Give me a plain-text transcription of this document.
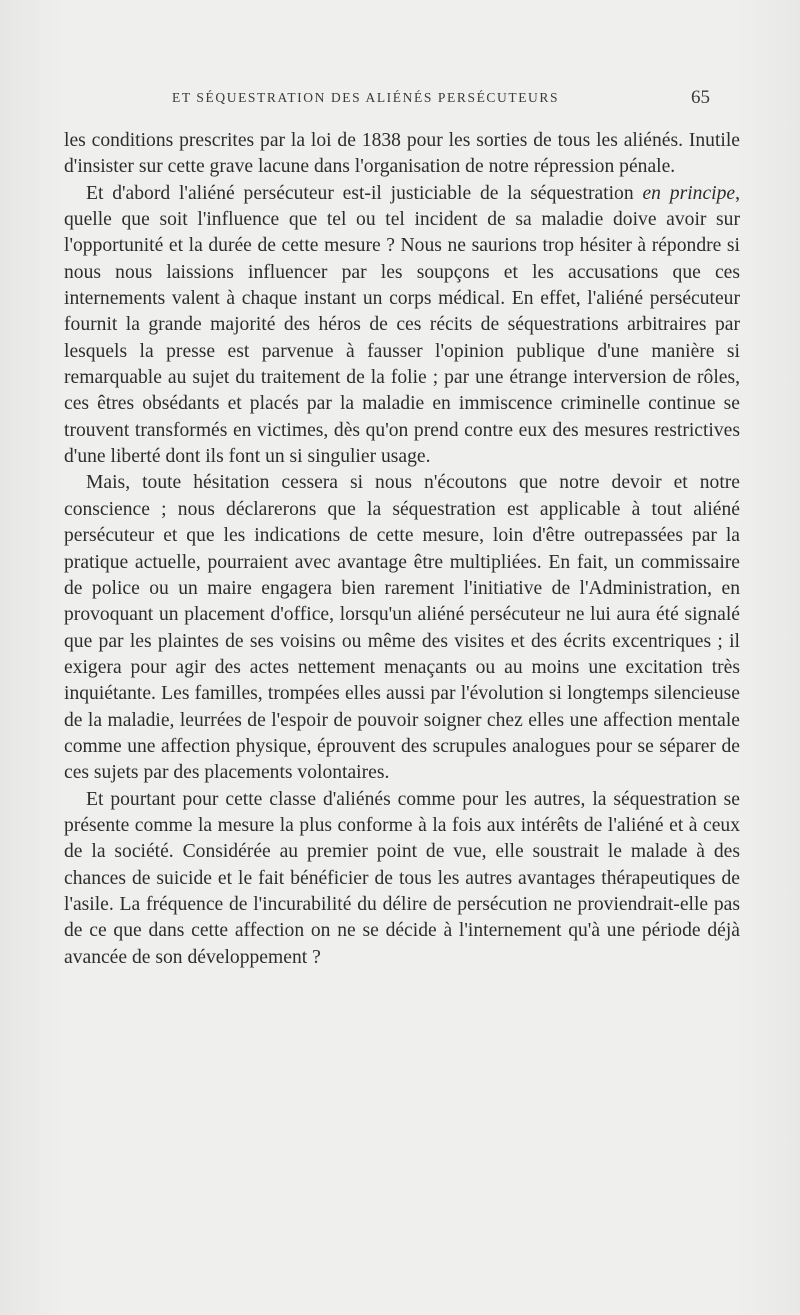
ET SÉQUESTRATION DES ALIÉNÉS PERSÉCUTEURS	65

les conditions prescrites par la loi de 1838 pour les sorties de tous les aliénés. Inutile d'insister sur cette grave lacune dans l'organisation de notre répression pénale.

Et d'abord l'aliéné persécuteur est-il justiciable de la séquestration en principe, quelle que soit l'influence que tel ou tel incident de sa maladie doive avoir sur l'opportunité et la durée de cette mesure ? Nous ne saurions trop hésiter à répondre si nous nous laissions influencer par les soupçons et les accusations que ces internements valent à chaque instant un corps médical. En effet, l'aliéné persécuteur fournit la grande majorité des héros de ces récits de séquestrations arbitraires par lesquels la presse est parvenue à fausser l'opinion publique d'une manière si remarquable au sujet du traitement de la folie ; par une étrange interversion de rôles, ces êtres obsédants et placés par la maladie en immiscence criminelle continue se trouvent transformés en victimes, dès qu'on prend contre eux des mesures restrictives d'une liberté dont ils font un si singulier usage.

Mais, toute hésitation cessera si nous n'écoutons que notre devoir et notre conscience ; nous déclarerons que la séquestration est applicable à tout aliéné persécuteur et que les indications de cette mesure, loin d'être outrepassées par la pratique actuelle, pourraient avec avantage être multipliées. En fait, un commissaire de police ou un maire engagera bien rarement l'initiative de l'Administration, en provoquant un placement d'office, lorsqu'un aliéné persécuteur ne lui aura été signalé que par les plaintes de ses voisins ou même des visites et des écrits excentriques ; il exigera pour agir des actes nettement menaçants ou au moins une excitation très inquiétante. Les familles, trompées elles aussi par l'évolution si longtemps silencieuse de la maladie, leurrées de l'espoir de pouvoir soigner chez elles une affection mentale comme une affection physique, éprouvent des scrupules analogues pour se séparer de ces sujets par des placements volontaires.

Et pourtant pour cette classe d'aliénés comme pour les autres, la séquestration se présente comme la mesure la plus conforme à la fois aux intérêts de l'aliéné et à ceux de la société. Considérée au premier point de vue, elle soustrait le malade à des chances de suicide et le fait bénéficier de tous les autres avantages thérapeutiques de l'asile. La fréquence de l'incurabilité du délire de persécution ne proviendrait-elle pas de ce que dans cette affection on ne se décide à l'internement qu'à une période déjà avancée de son développement ?
